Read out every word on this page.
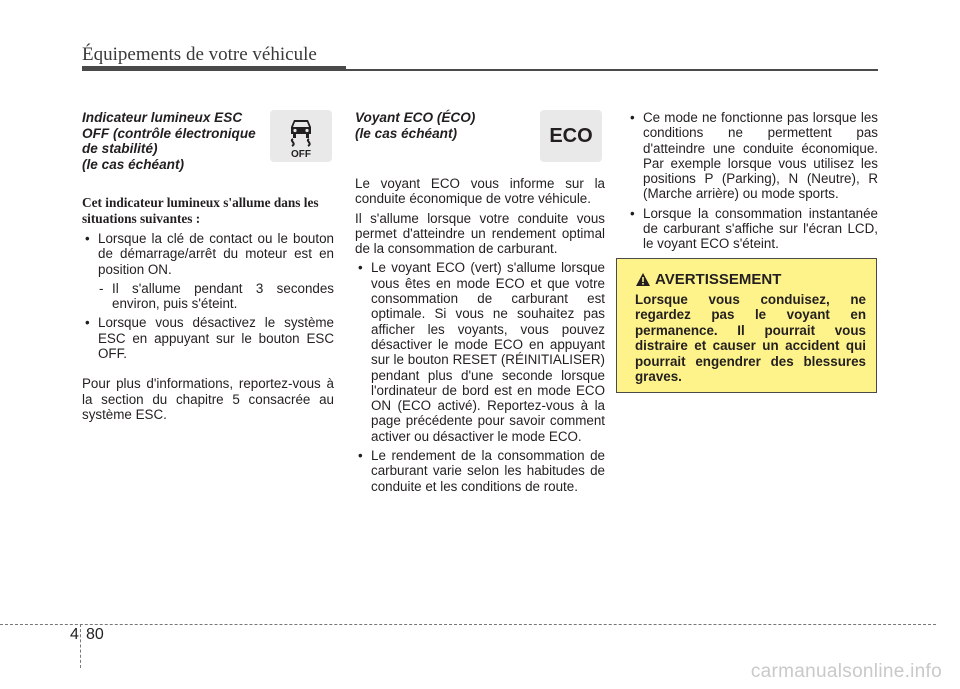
Équipements de votre véhicule
Indicateur lumineux ESC
OFF (contrôle électronique
de stabilité)
(le cas échéant)

Cet indicateur lumineux s'allume dans les situations suivantes :

• Lorsque la clé de contact ou le bouton de démarrage/arrêt du moteur est en position ON.
- Il s'allume pendant 3 secondes environ, puis s'éteint.
• Lorsque vous désactivez le système ESC en appuyant sur le bouton ESC OFF.

Pour plus d'informations, reportez-vous à la section du chapitre 5 consacrée au système ESC.

OFF
Voyant ECO (ÉCO)
(le cas échéant)

Le voyant ECO vous informe sur la conduite économique de votre véhicule.

Il s'allume lorsque votre conduite vous permet d'atteindre un rendement optimal de la consommation de carburant.

• Le voyant ECO (vert) s'allume lorsque vous êtes en mode ECO et que votre consommation de carburant est optimale. Si vous ne souhaitez pas afficher les voyants, vous pouvez désactiver le mode ECO en appuyant sur le bouton RESET (RÉINITIALISER) pendant plus d'une seconde lorsque l'ordinateur de bord est en mode ECO ON (ECO activé). Reportez-vous à la page précédente pour savoir comment activer ou désactiver le mode ECO.
• Le rendement de la consommation de carburant varie selon les habitudes de conduite et les conditions de route.
ECO
• Ce mode ne fonctionne pas lorsque les conditions ne permettent pas d'atteindre une conduite économique. Par exemple lorsque vous utilisez les positions P (Parking), N (Neutre), R (Marche arrière) ou mode sports.
• Lorsque la consommation instantanée de carburant s'affiche sur l'écran LCD, le voyant ECO s'éteint.
AVERTISSEMENT

Lorsque vous conduisez, ne regardez pas le voyant en permanence. Il pourrait vous distraire et causer un accident qui pourrait engendrer des blessures graves.

4 80
carmanualsonline.info
